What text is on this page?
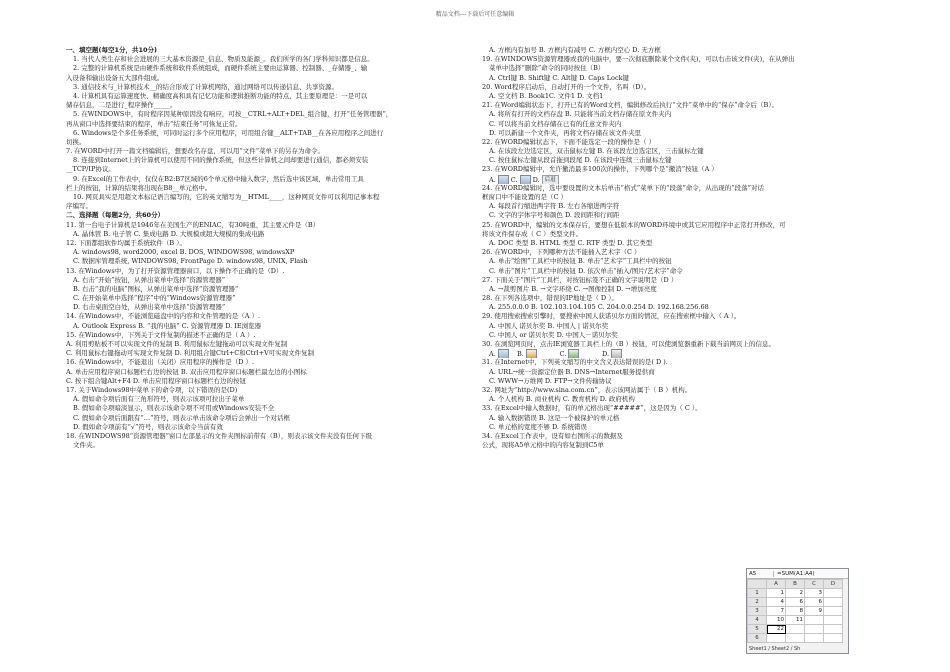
精品文档---下载后可任意编辑
一、填空题(每空1分，共10分)
1. 当代人类生存和社会进展的三大基本资源是_信息、物质及能源_。我们所学的各门学科知识都是信息。
2. 完整的计算机系统是由硬件系统和软件系统组成，而硬件系统主要由运算器、控制器、_存储器_、输
入设备和输出设备五大部件组成。
3. 通信技术与_计算机技术__的结合形成了计算机网络，通过网络可以传递信息、共享资源。
4. 计算机具有运算速度快、精确度高和具有记忆功能和逻辑推断功能的特点，其主要原理是：一是可以
储存信息，二是进行_程序操作_____。
5. 在WINDOWS中，有时程序因某种原因没有响应，可按__CTRL+ALT+DEL_组合键，打开“任务管理器”，
再从窗口中选择要结束的程序，单击“结束任务”可恢复正常。
6. Windows是个多任务系统，可同时运行多个应用程序，可用组合键__ALT+TAB__在各应用程序之间进行
切换。
7. 在WORD中打开一篇文档编辑后，想要改名存盘，可以用“文件”菜单下的另存为命令。
8. 连接到Internet上的计算机可以使用不同的操作系统，但这些计算机之间却要进行通信，都必须安装
__TCP/IP协议。
9. 在Excel的工作表中，仅仅在B2:B7区域的6个单元格中输入数字，然后选中该区域，单击常用工具
栏上的按钮，计算的结果将出现在B8__单元格中。
10. 网页具实是用超文本标记语言编写的，它的英文缩写为__HTML____，这种网页文件可以利用记事本程
序编写。
二、选择题（每题2分，共60分）
11. 第一台电子计算机是1946年在美国生产的ENIAC，有30吨重，其主要元件是（B）
A. 晶体管 B. 电子管 C. 集成电路 D. 大规模或超大规模的集成电路
12. 下面都组软件均属于系统软件（B ）。
A. windows98, word2000, excel B. DOS, WINDOWS98, windowsXP
C. 数据库管理系统, WINDOWS98, FrontPage D. windows98, UNIX, Flash
13. 在Windows中，为了打开资源管理器窗口，以下操作不正确的是（D）.
A. 右击“开始”按钮，从弹出菜单中选择“资源管理器”
B. 右击“我的电脑”图标，从弹出菜单中选择“资源管理器”
C. 在开始菜单中选择“程序”中的“Windows资源管理器”
D. 右击桌面空白处，从弹出菜单中选择“资源管理器”
14. 在Windows中，不能浏览磁盘中的内容和文件管理的是（A ）.
A. Outlook Express B. “我的电脑” C. 资源管理器 D. IE浏览器
15. 在Windows中，下列关于文件复制的描述不正确的是（ A ）.
A. 利用剪贴板不可以实现文件的复制 B. 利用鼠标左键拖动可以实现文件复制
C. 利用鼠标右键拖动可实现文件复制 D. 利用组合键Ctrl+C和Ctrl+V可实现文件复制
16. 在Windows中，不能退出（关闭）应用程序的操作是（D ）.
A. 单击应用程序窗口标题栏右边的按钮 B. 双击应用程序窗口标题栏最左边的小图标
C. 按下组合键Alt+F4 D. 单击应用程序窗口标题栏右边的按钮
17. 关于Windows98中菜单下的命令项，以下错误的是(D)
A. 假如命令项后面有三角形符号，则表示该项可拉出子菜单
B. 假如命令项暗淡显示，则表示该命令项不可用或Windows安装不全
C. 假如命令项后面跟有“…”符号，则表示单击该命令项后会弹出一个对话框
D. 假如命令项前有“√”符号，则表示该命令当前有效
18. 在WINDOWS98“资源管理器”窗口左部显示的文件夹图标前带有（B），则表示该文件夹没有任何下级
文件夹。
A. 方框内有加号 B. 方框内有减号 C. 方框内空心 D. 无方框
19. 在WINDOWS资源管理器或我的电脑中，要一次彻底删除某个文件(夹)，可以右击该文件(夹)，在从弹出
菜单中选择“删除”命令的同时按住（B）
A. Ctrl键 B. Shift键 C. Alt键 D. Caps Lock键
20. Word程序启动后，自动打开的一个文件，名叫（D）。
A. 空文档 B. Book1C. 文件1 D. 文档1
21. 在Word编辑状态下，打开已有的Word文档，编辑修改后执行“文件”菜单中的“保存”命令后（B）。
A. 将所有打开的文档存盘 B. 只能将当前文档存储在原文件夹内
C. 可以将当前文档存储在已有的任意文件夹内
D. 可以新建一个文件夹，再将文档存储在该文件夹里
22. 在WORD编辑状态下，下面不能选定一段的操作是（ ）
A. 在该段左边选定区，双击鼠标左键 B. 在该段左边选定区，三击鼠标左键
C. 按住鼠标左键从段首拖到段尾 D. 在该段中连续三击鼠标左键
23. 在WORD编辑中，允许撤消最多100次的操作，下列哪个是“撤消”按钮（A ）
A. C. D. 后退
24. 在WORD编辑时，选中要设置的文本后单击“格式”菜单下的“段落”命令，从出现的“段落”对话
框窗口中不能设置的是（C ）
A. 每段首行缩进两字符 B. 左右各缩进两字符
C. 文字的字体字号和颜色 D. 段间距和行间距
25. 在WORD中，编辑的文本保存后，要想在低版本的WORD环境中或其它应用程序中正常打开修改，可
将该文件保存成（ C ）类型文件。
A. DOC 类型 B. HTML 类型 C. RTF 类型 D. 其它类型
26. 在WORD中，下列哪种方法不能插入艺术字（C ）
A. 单击“绘图”工具栏中的按钮 B. 单击“艺术字”工具栏中的按钮
C. 单击“图片”工具栏中的按钮 D. 依次单击“插入/图片/艺术字”命令
27. 下面关于“图片”工具栏，对按钮标签不正确的文字说明是（D ）
A. →裁剪图片 B. →文字环绕 C. →图像控制 D. →增加亮度
28. 在下列各选项中，错误的IP地址是（ D ）。
A. 255.0.0.0 B. 102.103.104.105 C. 204.0.0.254 D. 192.168.256.68
29. 使用搜索搜索引擎时，要搜索中国人获诺贝尔方面的情况，应在搜索框中输入（ A ）。
A. 中国人 诺贝尔奖 B. 中国人 | 诺贝尔奖
C. 中国人 or 诺贝尔奖 D. 中国人－诺贝尔奖
30. 在浏览网页时，点击IE浏览器工具栏上的（B ）按钮，可以使浏览器重新下载当前网页上的信息。
A.	B.	C.	D.
31. 在Internet中，下列英文缩写的中文含义表达错误的是( D ).
A. URL→统一资源定位器 B. DNS→Internet服务提供商
C. WWW→万维网 D. FTP→文件传输协议
32. 网址为“http://www.sina.com.cn”，表示该网站属于（ B ）机构。
A. 个人机构 B. 商业机构 C. 教育机构 D. 政府机构
33. 在Excel中输入数据时，有的单元格出现“#####”，这是因为（ C ）。
A. 输入数据错误 B. 这是一个被保护的单元格
C. 单元格的宽度不够 D. 系统错误
34. 在Excel工作表中，设有如右图所示的数据及
公式，现将A5单元格中的内容复制到C5单
A5	=SUM(A1:A4)
	A	B	C	D
1	1	2	3	
2	4	6	6	
3	7	8	9	
4	10	11		
5	22			
6				
Sheet1 / Sheet2 / Sh
